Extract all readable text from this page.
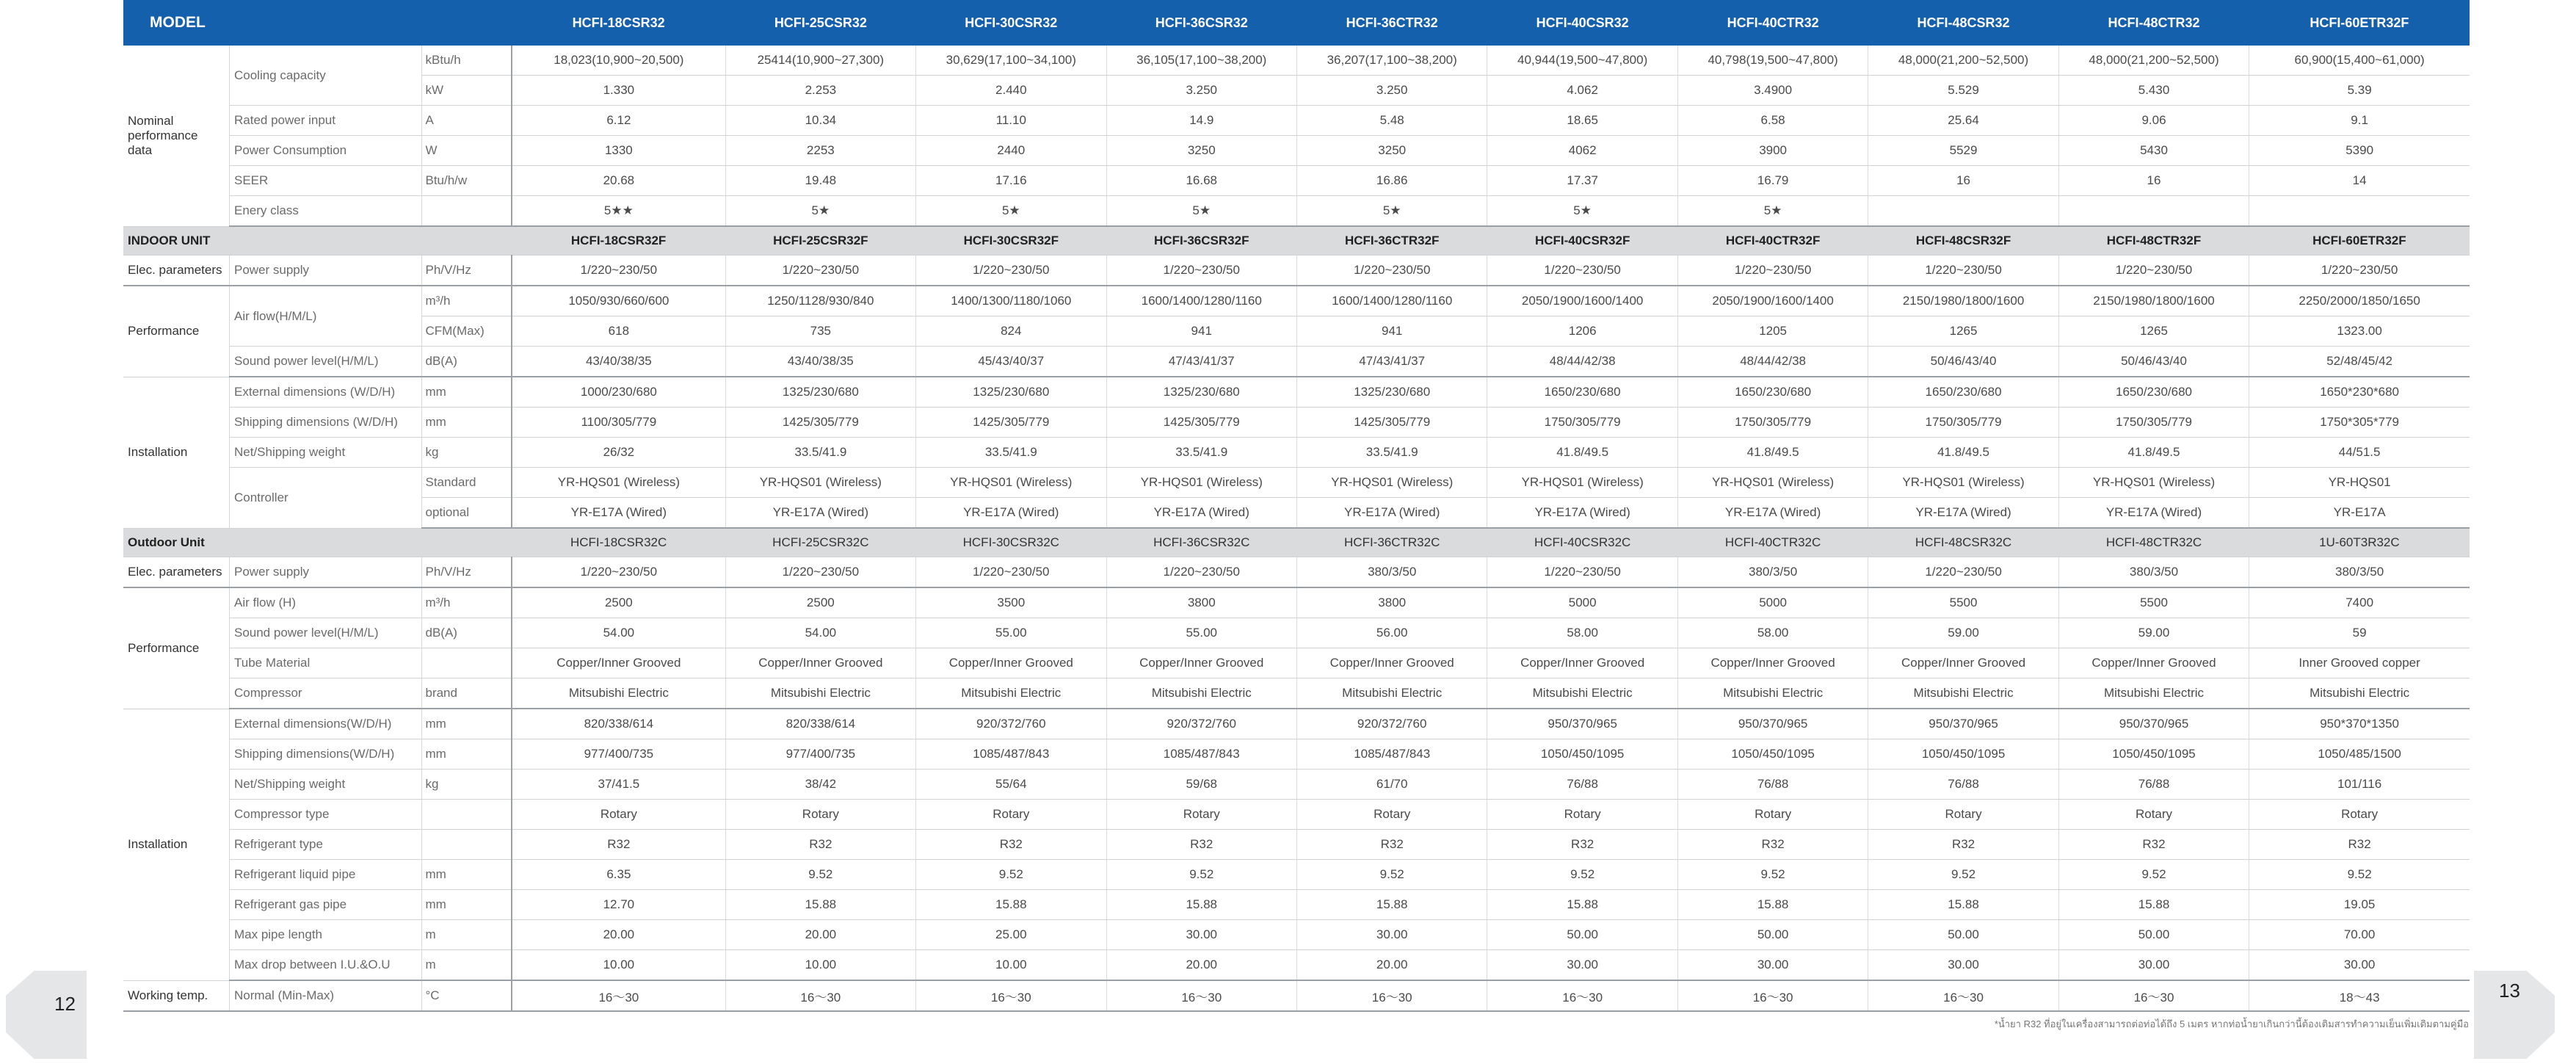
12
13
MODEL			HCFI-18CSR32	HCFI-25CSR32	HCFI-30CSR32	HCFI-36CSR32	HCFI-36CTR32	HCFI-40CSR32	HCFI-40CTR32	HCFI-48CSR32	HCFI-48CTR32	HCFI-60ETR32F
Nominal performance data	Cooling capacity	kBtu/h	18,023(10,900~20,500)	25414(10,900~27,300)	30,629(17,100~34,100)	36,105(17,100~38,200)	36,207(17,100~38,200)	40,944(19,500~47,800)	40,798(19,500~47,800)	48,000(21,200~52,500)	48,000(21,200~52,500)	60,900(15,400~61,000)
		kW	1.330	2.253	2.440	3.250	3.250	4.062	3.4900	5.529	5.430	5.39
	Rated power input	A	6.12	10.34	11.10	14.9	5.48	18.65	6.58	25.64	9.06	9.1
	Power Consumption	W	1330	2253	2440	3250	3250	4062	3900	5529	5430	5390
	SEER	Btu/h/w	20.68	19.48	17.16	16.68	16.86	17.37	16.79	16	16	14
	Enery class		5★★	5★	5★	5★	5★	5★	5★			
INDOOR UNIT			HCFI-18CSR32F	HCFI-25CSR32F	HCFI-30CSR32F	HCFI-36CSR32F	HCFI-36CTR32F	HCFI-40CSR32F	HCFI-40CTR32F	HCFI-48CSR32F	HCFI-48CTR32F	HCFI-60ETR32F
Elec. parameters	Power supply	Ph/V/Hz	1/220~230/50	1/220~230/50	1/220~230/50	1/220~230/50	1/220~230/50	1/220~230/50	1/220~230/50	1/220~230/50	1/220~230/50	1/220~230/50
Performance	Air flow(H/M/L)	m³/h	1050/930/660/600	1250/1128/930/840	1400/1300/1180/1060	1600/1400/1280/1160	1600/1400/1280/1160	2050/1900/1600/1400	2050/1900/1600/1400	2150/1980/1800/1600	2150/1980/1800/1600	2250/2000/1850/1650
		CFM(Max)	618	735	824	941	941	1206	1205	1265	1265	1323.00
	Sound power level(H/M/L)	dB(A)	43/40/38/35	43/40/38/35	45/43/40/37	47/43/41/37	47/43/41/37	48/44/42/38	48/44/42/38	50/46/43/40	50/46/43/40	52/48/45/42
Installation	External dimensions (W/D/H)	mm	1000/230/680	1325/230/680	1325/230/680	1325/230/680	1325/230/680	1650/230/680	1650/230/680	1650/230/680	1650/230/680	1650*230*680
	Shipping dimensions (W/D/H)	mm	1100/305/779	1425/305/779	1425/305/779	1425/305/779	1425/305/779	1750/305/779	1750/305/779	1750/305/779	1750/305/779	1750*305*779
	Net/Shipping weight	kg	26/32	33.5/41.9	33.5/41.9	33.5/41.9	33.5/41.9	41.8/49.5	41.8/49.5	41.8/49.5	41.8/49.5	44/51.5
	Controller	Standard	YR-HQS01 (Wireless)	YR-HQS01 (Wireless)	YR-HQS01 (Wireless)	YR-HQS01 (Wireless)	YR-HQS01 (Wireless)	YR-HQS01 (Wireless)	YR-HQS01 (Wireless)	YR-HQS01 (Wireless)	YR-HQS01 (Wireless)	YR-HQS01
		optional	YR-E17A (Wired)	YR-E17A (Wired)	YR-E17A (Wired)	YR-E17A (Wired)	YR-E17A (Wired)	YR-E17A (Wired)	YR-E17A (Wired)	YR-E17A (Wired)	YR-E17A (Wired)	YR-E17A
Outdoor Unit			HCFI-18CSR32C	HCFI-25CSR32C	HCFI-30CSR32C	HCFI-36CSR32C	HCFI-36CTR32C	HCFI-40CSR32C	HCFI-40CTR32C	HCFI-48CSR32C	HCFI-48CTR32C	1U-60T3R32C
Elec. parameters	Power supply	Ph/V/Hz	1/220~230/50	1/220~230/50	1/220~230/50	1/220~230/50	380/3/50	1/220~230/50	380/3/50	1/220~230/50	380/3/50	380/3/50
Performance	Air flow (H)	m³/h	2500	2500	3500	3800	3800	5000	5000	5500	5500	7400
	Sound power level(H/M/L)	dB(A)	54.00	54.00	55.00	55.00	56.00	58.00	58.00	59.00	59.00	59
	Tube Material		Copper/Inner Grooved	Copper/Inner Grooved	Copper/Inner Grooved	Copper/Inner Grooved	Copper/Inner Grooved	Copper/Inner Grooved	Copper/Inner Grooved	Copper/Inner Grooved	Copper/Inner Grooved	Inner Grooved copper
	Compressor	brand	Mitsubishi Electric	Mitsubishi Electric	Mitsubishi Electric	Mitsubishi Electric	Mitsubishi Electric	Mitsubishi Electric	Mitsubishi Electric	Mitsubishi Electric	Mitsubishi Electric	Mitsubishi Electric
Installation	External dimensions(W/D/H)	mm	820/338/614	820/338/614	920/372/760	920/372/760	920/372/760	950/370/965	950/370/965	950/370/965	950/370/965	950*370*1350
	Shipping dimensions(W/D/H)	mm	977/400/735	977/400/735	1085/487/843	1085/487/843	1085/487/843	1050/450/1095	1050/450/1095	1050/450/1095	1050/450/1095	1050/485/1500
	Net/Shipping weight	kg	37/41.5	38/42	55/64	59/68	61/70	76/88	76/88	76/88	76/88	101/116
	Compressor type		Rotary	Rotary	Rotary	Rotary	Rotary	Rotary	Rotary	Rotary	Rotary	Rotary
	Refrigerant type		R32	R32	R32	R32	R32	R32	R32	R32	R32	R32
	Refrigerant liquid pipe	mm	6.35	9.52	9.52	9.52	9.52	9.52	9.52	9.52	9.52	9.52
	Refrigerant gas pipe	mm	12.70	15.88	15.88	15.88	15.88	15.88	15.88	15.88	15.88	19.05
	Max pipe length	m	20.00	20.00	25.00	30.00	30.00	50.00	50.00	50.00	50.00	70.00
	Max drop between I.U.&O.U	m	10.00	10.00	10.00	20.00	20.00	30.00	30.00	30.00	30.00	30.00
Working temp.	Normal (Min-Max)	°C	16〜30	16〜30	16〜30	16〜30	16〜30	16〜30	16〜30	16〜30	16〜30	18〜43
*น้ำยา R32 ที่อยู่ในเครื่องสามารถต่อท่อได้ถึง 5 เมตร หากท่อน้ำยาเกินกว่านี้ต้องเติมสารทำความเย็นเพิ่มเติมตามคู่มือ
